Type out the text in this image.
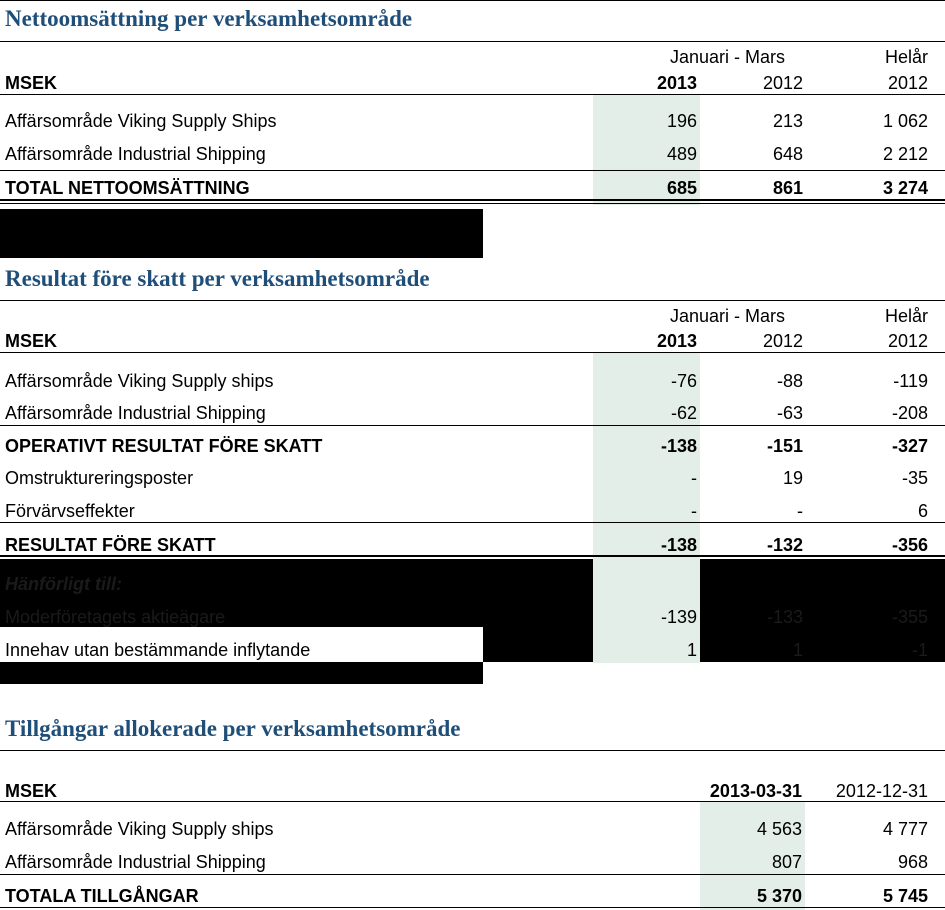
Nettoomsättning per verksamhetsområde
Januari - Mars	Helår
MSEK	2013	2012	2012
Affärsområde Viking Supply Ships	196	213	1 062
Affärsområde Industrial Shipping	489	648	2 212
TOTAL NETTOOMSÄTTNING	685	861	3 274
Resultat före skatt per verksamhetsområde
Januari - Mars	Helår
MSEK	2013	2012	2012
Affärsområde Viking Supply ships	-76	-88	-119
Affärsområde Industrial Shipping	-62	-63	-208
OPERATIVT RESULTAT FÖRE SKATT	-138	-151	-327
Omstruktureringsposter	-	19	-35
Förvärvseffekter	-	-	6
RESULTAT FÖRE SKATT	-138	-132	-356
Hänförligt till:
Moderföretagets aktieägare	-139	-133	-355
Innehav utan bestämmande inflytande	1	1	-1
Tillgångar allokerade per verksamhetsområde
MSEK	2013-03-31 2012-12-31
Affärsområde Viking Supply ships	4 563	4 777
Affärsområde Industrial Shipping	807	968
TOTALA TILLGÅNGAR	5 370	5 745
